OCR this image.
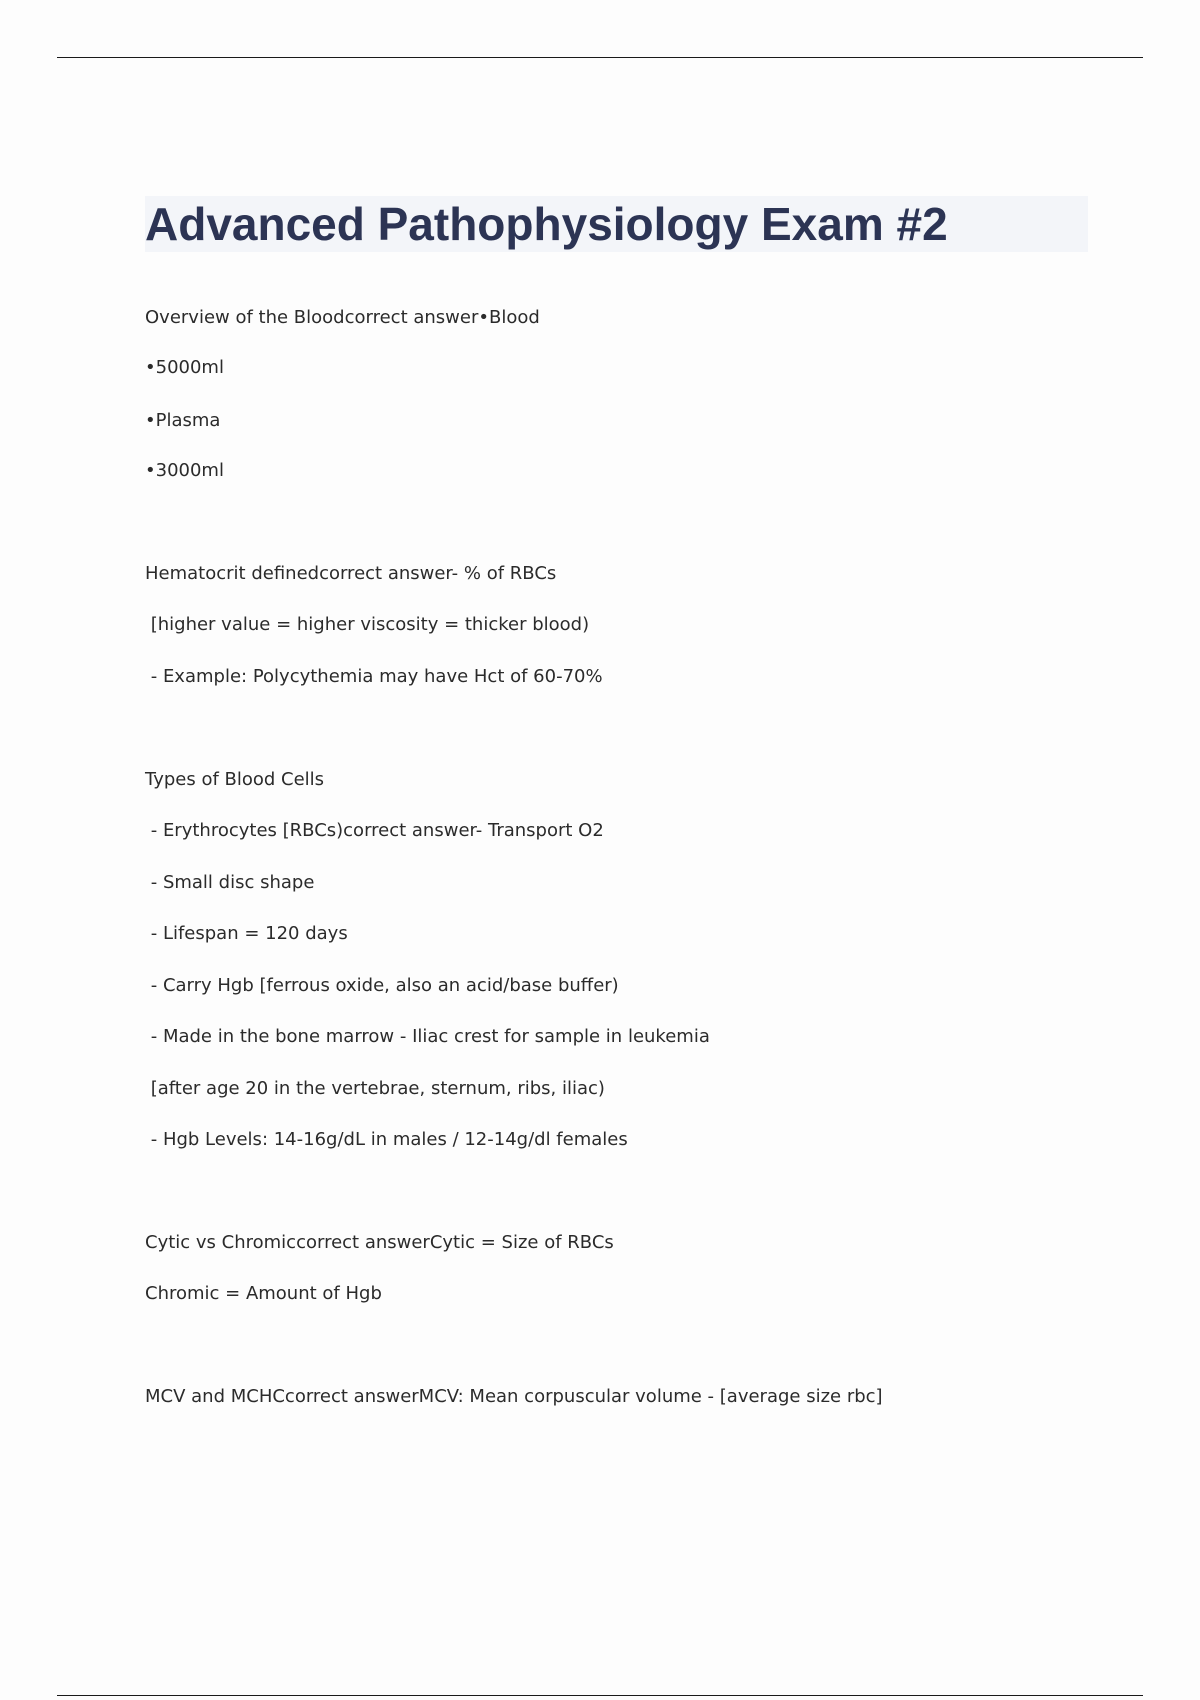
Advanced Pathophysiology Exam #2
Overview of the Bloodcorrect answer•Blood
•5000ml
•Plasma
•3000ml
Hematocrit definedcorrect answer- % of RBCs
[higher value = higher viscosity = thicker blood)
- Example: Polycythemia may have Hct of 60-70%
Types of Blood Cells
- Erythrocytes [RBCs)correct answer- Transport O2
- Small disc shape
- Lifespan = 120 days
- Carry Hgb [ferrous oxide, also an acid/base buffer)
- Made in the bone marrow - Iliac crest for sample in leukemia
[after age 20 in the vertebrae, sternum, ribs, iliac)
- Hgb Levels: 14-16g/dL in males / 12-14g/dl females
Cytic vs Chromiccorrect answerCytic = Size of RBCs
Chromic = Amount of Hgb
MCV and MCHCcorrect answerMCV: Mean corpuscular volume - [average size rbc]
